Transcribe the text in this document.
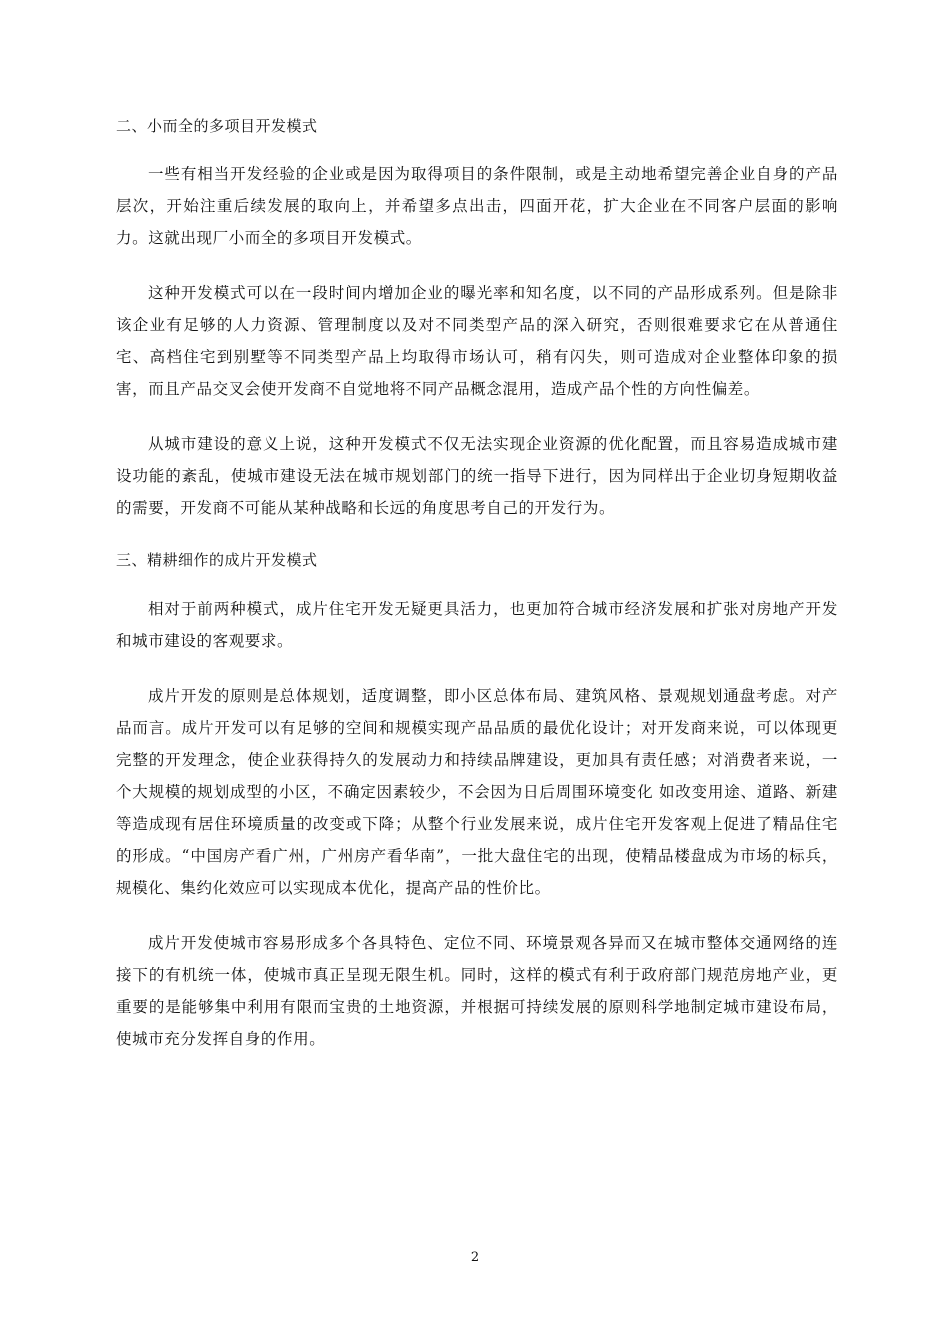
二、小而全的多项目开发模式

一些有相当开发经验的企业或是因为取得项目的条件限制，或是主动地希望完善企业自身的产品层次，开始注重后续发展的取向上，并希望多点出击，四面开花，扩大企业在不同客户层面的影响力。这就出现厂小而全的多项目开发模式。

这种开发模式可以在一段时间内增加企业的曝光率和知名度，以不同的产品形成系列。但是除非该企业有足够的人力资源、管理制度以及对不同类型产品的深入研究，否则很难要求它在从普通住宅、高档住宅到别墅等不同类型产品上均取得市场认可，稍有闪失，则可造成对企业整体印象的损害，而且产品交叉会使开发商不自觉地将不同产品概念混用，造成产品个性的方向性偏差。

从城市建设的意义上说，这种开发模式不仅无法实现企业资源的优化配置，而且容易造成城市建设功能的紊乱，使城市建设无法在城市规划部门的统一指导下进行，因为同样出于企业切身短期收益的需要，开发商不可能从某种战略和长远的角度思考自己的开发行为。

三、精耕细作的成片开发模式

相对于前两种模式，成片住宅开发无疑更具活力，也更加符合城市经济发展和扩张对房地产开发和城市建设的客观要求。

成片开发的原则是总体规划，适度调整，即小区总体布局、建筑风格、景观规划通盘考虑。对产品而言。成片开发可以有足够的空间和规模实现产品品质的最优化设计；对开发商来说，可以体现更完整的开发理念，使企业获得持久的发展动力和持续品牌建设，更加具有责任感；对消费者来说，一个大规模的规划成型的小区，不确定因素较少，不会因为日后周围环境变化 如改变用途、道路、新建 等造成现有居住环境质量的改变或下降；从整个行业发展来说，成片住宅开发客观上促进了精品住宅的形成。“中国房产看广州，广州房产看华南”，一批大盘住宅的出现，使精品楼盘成为市场的标兵，规模化、集约化效应可以实现成本优化，提高产品的性价比。

成片开发使城市容易形成多个各具特色、定位不同、环境景观各异而又在城市整体交通网络的连接下的有机统一体，使城市真正呈现无限生机。同时，这样的模式有利于政府部门规范房地产业，更重要的是能够集中利用有限而宝贵的土地资源，并根据可持续发展的原则科学地制定城市建设布局，使城市充分发挥自身的作用。

2
